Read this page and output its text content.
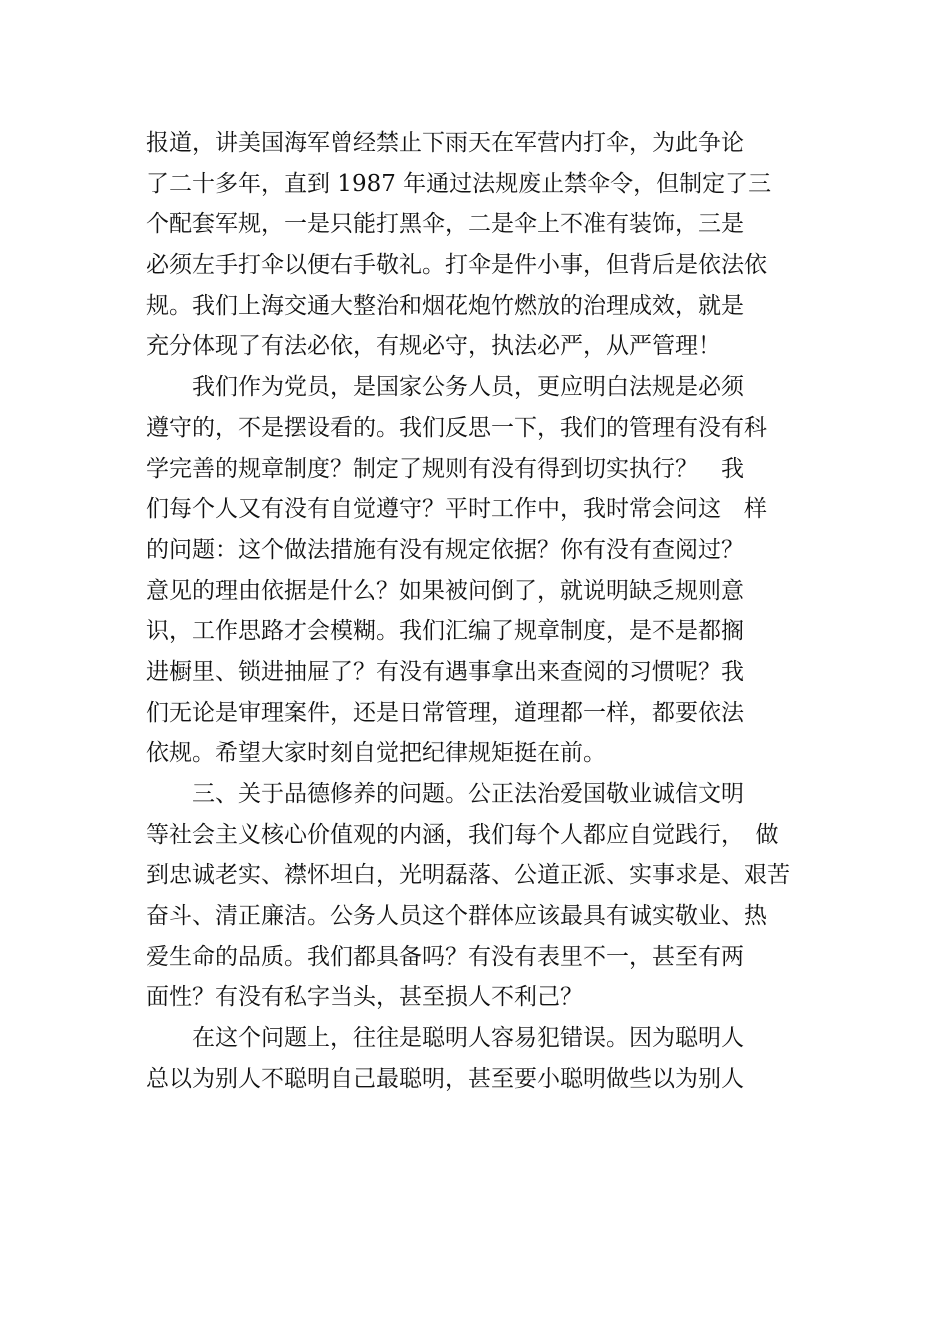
报道，讲美国海军曾经禁止下雨天在军营内打伞，为此争论
了二十多年，直到 1987 年通过法规废止禁伞令，但制定了三
个配套军规，一是只能打黑伞，二是伞上不准有装饰，三是
必须左手打伞以便右手敬礼。打伞是件小事，但背后是依法依
规。我们上海交通大整治和烟花炮竹燃放的治理成效，就是
充分体现了有法必依，有规必守，执法必严，从严管理！

　　我们作为党员，是国家公务人员，更应明白法规是必须
遵守的，不是摆设看的。我们反思一下，我们的管理有没有科
学完善的规章制度？制定了规则有没有得到切实执行？　我
们每个人又有没有自觉遵守？平时工作中，我时常会问这　样
的问题：这个做法措施有没有规定依据？你有没有查阅过？
意见的理由依据是什么？如果被问倒了，就说明缺乏规则意
识，工作思路才会模糊。我们汇编了规章制度，是不是都搁
进橱里、锁进抽屉了？有没有遇事拿出来查阅的习惯呢？我
们无论是审理案件，还是日常管理，道理都一样，都要依法
依规。希望大家时刻自觉把纪律规矩挺在前。

　　三、关于品德修养的问题。公正法治爱国敬业诚信文明
等社会主义核心价值观的内涵，我们每个人都应自觉践行，　做
到忠诚老实、襟怀坦白，光明磊落、公道正派、实事求是、艰苦
奋斗、清正廉洁。公务人员这个群体应该最具有诚实敬业、热
爱生命的品质。我们都具备吗？有没有表里不一，甚至有两
面性？有没有私字当头，甚至损人不利己？

　　在这个问题上，往往是聪明人容易犯错误。因为聪明人
总以为别人不聪明自己最聪明，甚至要小聪明做些以为别人
